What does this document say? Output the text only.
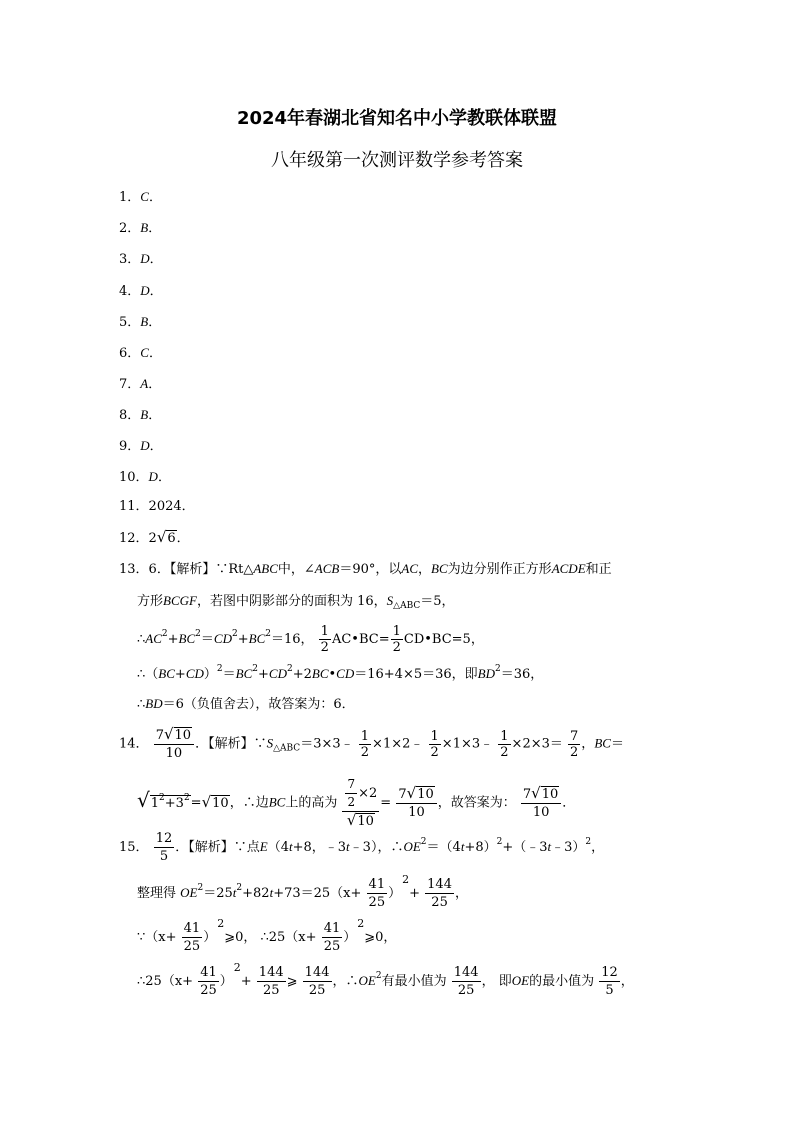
2024年春湖北省知名中小学教联体联盟
八年级第一次测评数学参考答案
1．C．
2．B．
3．D．
4．D．
5．B．
6．C．
7．A．
8．B．
9．D．
10．D．
11．2024．
12．2√6．
13．6．【解析】∵Rt△ABC中，∠ACB＝90°，以AC，BC为边分别作正方形ACDE和正
方形BCGF，若图中阴影部分的面积为 16，$S_{\triangle ABC}=5$，
$\therefore AC^2+BC^2=CD^2+BC^2=16$， $\frac{1}{2}$ AC•BC= $\frac{1}{2}$ CD•BC=5，
$\therefore(BC+CD)^2=BC^2+CD^2+2BC•CD=16+4\times 5=36$，即$BD^2=36$，
∴BD＝6（负值舍去），故答案为：6．
14． $\frac{7√10}{10}$ ．【解析】$\because S_{\triangle ABC}=3\times 3﹣ \frac{1}{2}$ ×1×2﹣ $\frac{1}{2}$ ×1×3﹣ $\frac{1}{2} \times 2\times 3= \frac{7}{2}$ ，BC＝
$√1^2+3^2=√10$，∴边BC上的高为 $\frac{\frac{7}{2} \times 2}{√10} = \frac{7√10}{10}$ ，故答案为： $\frac{7√10}{10}$ ．
15． $\frac{12}{5}$ ．【解析】∵点E（4t+8，﹣3t﹣3），$\therefore OE^2=(4t+8)^2+(﹣3t﹣3)^2$，
整理得 $OE^2=25t^2+82t+73=25(x+ \frac{41}{25} )^2+ \frac{144}{25}$ ，
∵（x+ $\frac{41}{25}$ ）$^2$⩾0， ∴25（x+ $\frac{41}{25}$ ）$^2$⩾0，
∴25（x+ $\frac{41}{25} )^2+ \frac{144}{25}$ ⩾ $\frac{144}{25}$ ，$\therefore OE^2$有最小值为 $\frac{144}{25}$ ， 即OE的最小值为 $\frac{12}{5}$ ，
